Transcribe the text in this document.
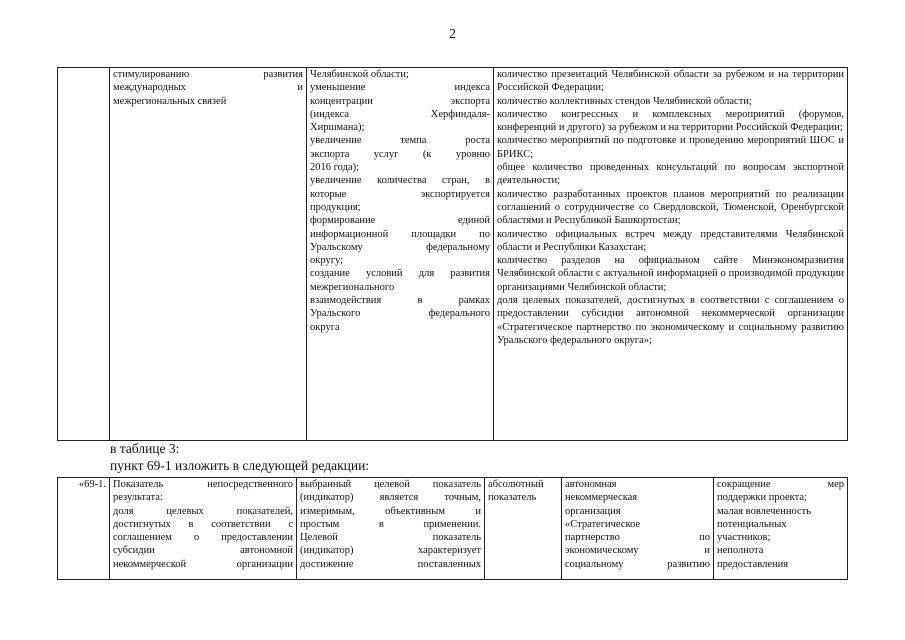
2

стимулированию развития
международных и
межрегиональных связей

Челябинской области;
уменьшение индекса
концентрации экспорта
(индекса Херфиндаля-
Хиршмана);
увеличение темпа роста
экспорта услуг (к уровню
2016 года);
увеличение количества стран, в
которые экспортируется
продукция;
формирование единой
информационной площадки по
Уральскому федеральному
округу;
создание условий для развития
межрегионального
взаимодействия в рамках
Уральского федерального
округа

количество презентаций Челябинской области за рубежом и на территории Российской Федерации;
количество коллективных стендов Челябинской области;
количество конгрессных и комплексных мероприятий (форумов, конференций и другого) за рубежом и на территории Российской Федерации;
количество мероприятий по подготовке и проведению мероприятий ШОС и БРИКС;
общее количество проведенных консультаций по вопросам экспортной деятельности;
количество разработанных проектов планов мероприятий по реализации соглашений о сотрудничестве со Свердловской, Тюменской, Оренбургской областями и Республикой Башкортостан;
количество официальных встреч между представителями Челябинской области и Республики Казахстан;
количество разделов на официальном сайте Минэкономразвития Челябинской области с актуальной информацией о производимой продукции организациями Челябинской области;
доля целевых показателей, достигнутых в соответствии с соглашением о предоставлении субсидии автономной некоммерческой организации «Стратегическое партнерство по экономическому и социальному развитию Уральского федерального округа»;
в таблице 3:
пункт 69-1 изложить в следующей редакции:
«69-1.	Показатель непосредственного
результата:
доля целевых показателей,
достигнутых в соответствии с
соглашением о предоставлении
субсидии автономной
некоммерческой организации

выбранный целевой показатель
(индикатор) является точным,
измеримым, объективным и
простым в применении.
Целевой показатель
(индикатор) характеризует
достижение поставленных

абсолютный
показатель

автономная
некоммерческая
организация
«Стратегическое
партнерство по
экономическому и
социальному развитию

сокращение мер
поддержки проекта;
малая вовлеченность
потенциальных
участников;
неполнота
предоставления
